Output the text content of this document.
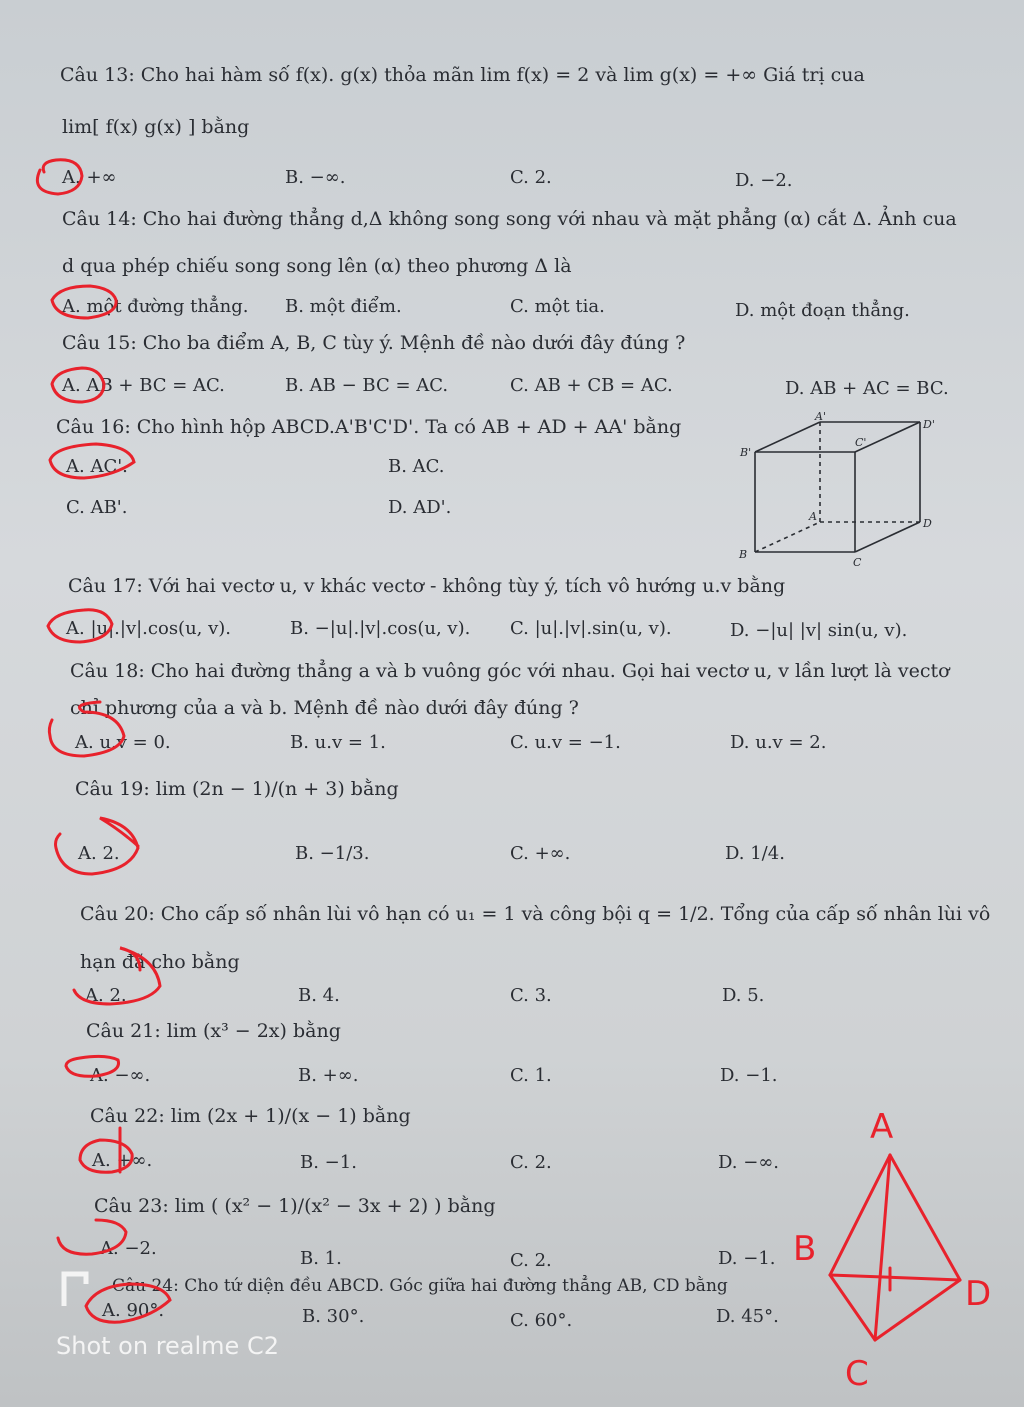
Câu 13: Cho hai hàm số f(x). g(x) thỏa mãn lim f(x) = 2 và lim g(x) = +∞ Giá trị cua
lim[ f(x) g(x) ] bằng
A. +∞	B. −∞.	C. 2.	D. −2.
Câu 14: Cho hai đường thẳng d,Δ không song song với nhau và mặt phẳng (α) cắt Δ. Ảnh cua
d qua phép chiếu song song lên (α) theo phương Δ là
A. một đường thẳng. B. một điểm.	C. một tia.	D. một đoạn thẳng.
Câu 15: Cho ba điểm A, B, C tùy ý. Mệnh đề nào dưới đây đúng ?
A. AB + BC = AC.	B. AB − BC = AC.	C. AB + CB = AC.	D. AB + AC = BC.
Câu 16: Cho hình hộp ABCD.A'B'C'D'. Ta có AB + AD + AA' bằng
A. AC'.	B. AC.
C. AB'.	D. AD'.
B'
C'
A'
D'
A
B
C
D
Câu 17: Với hai vectơ u, v khác vectơ - không tùy ý, tích vô hướng u.v bằng
A. |u|.|v|.cos(u, v).	B. −|u|.|v|.cos(u, v). C. |u|.|v|.sin(u, v).	D. −|u| |v| sin(u, v).
Câu 18: Cho hai đường thẳng a và b vuông góc với nhau. Gọi hai vectơ u, v lần lượt là vectơ
chỉ phương của a và b. Mệnh đề nào dưới đây đúng ?
A. u.v = 0.	B. u.v = 1.	C. u.v = −1.	D. u.v = 2.
Câu 19: lim (2n − 1)/(n + 3) bằng
A. 2.	B. −1/3.	C. +∞.	D. 1/4.
Câu 20: Cho cấp số nhân lùi vô hạn có u₁ = 1 và công bội q = 1/2. Tổng của cấp số nhân lùi vô
hạn đã cho bằng
A. 2.	B. 4.	C. 3.	D. 5.
Câu 21: lim (x³ − 2x) bằng
A. −∞.	B. +∞.	C. 1.	D. −1.
Câu 22: lim (2x + 1)/(x − 1) bằng
A. +∞.	B. −1.	C. 2.	D. −∞.
Câu 23: lim ( (x² − 1)/(x² − 3x + 2) ) bằng
A. −2.	B. 1.	C. 2.	D. −1.
Câu 24: Cho tứ diện đều ABCD. Góc giữa hai đường thẳng AB, CD bằng
A. 90°.	B. 30°.	C. 60°.	D. 45°.
A
B
C
D
Shot on realme C2
